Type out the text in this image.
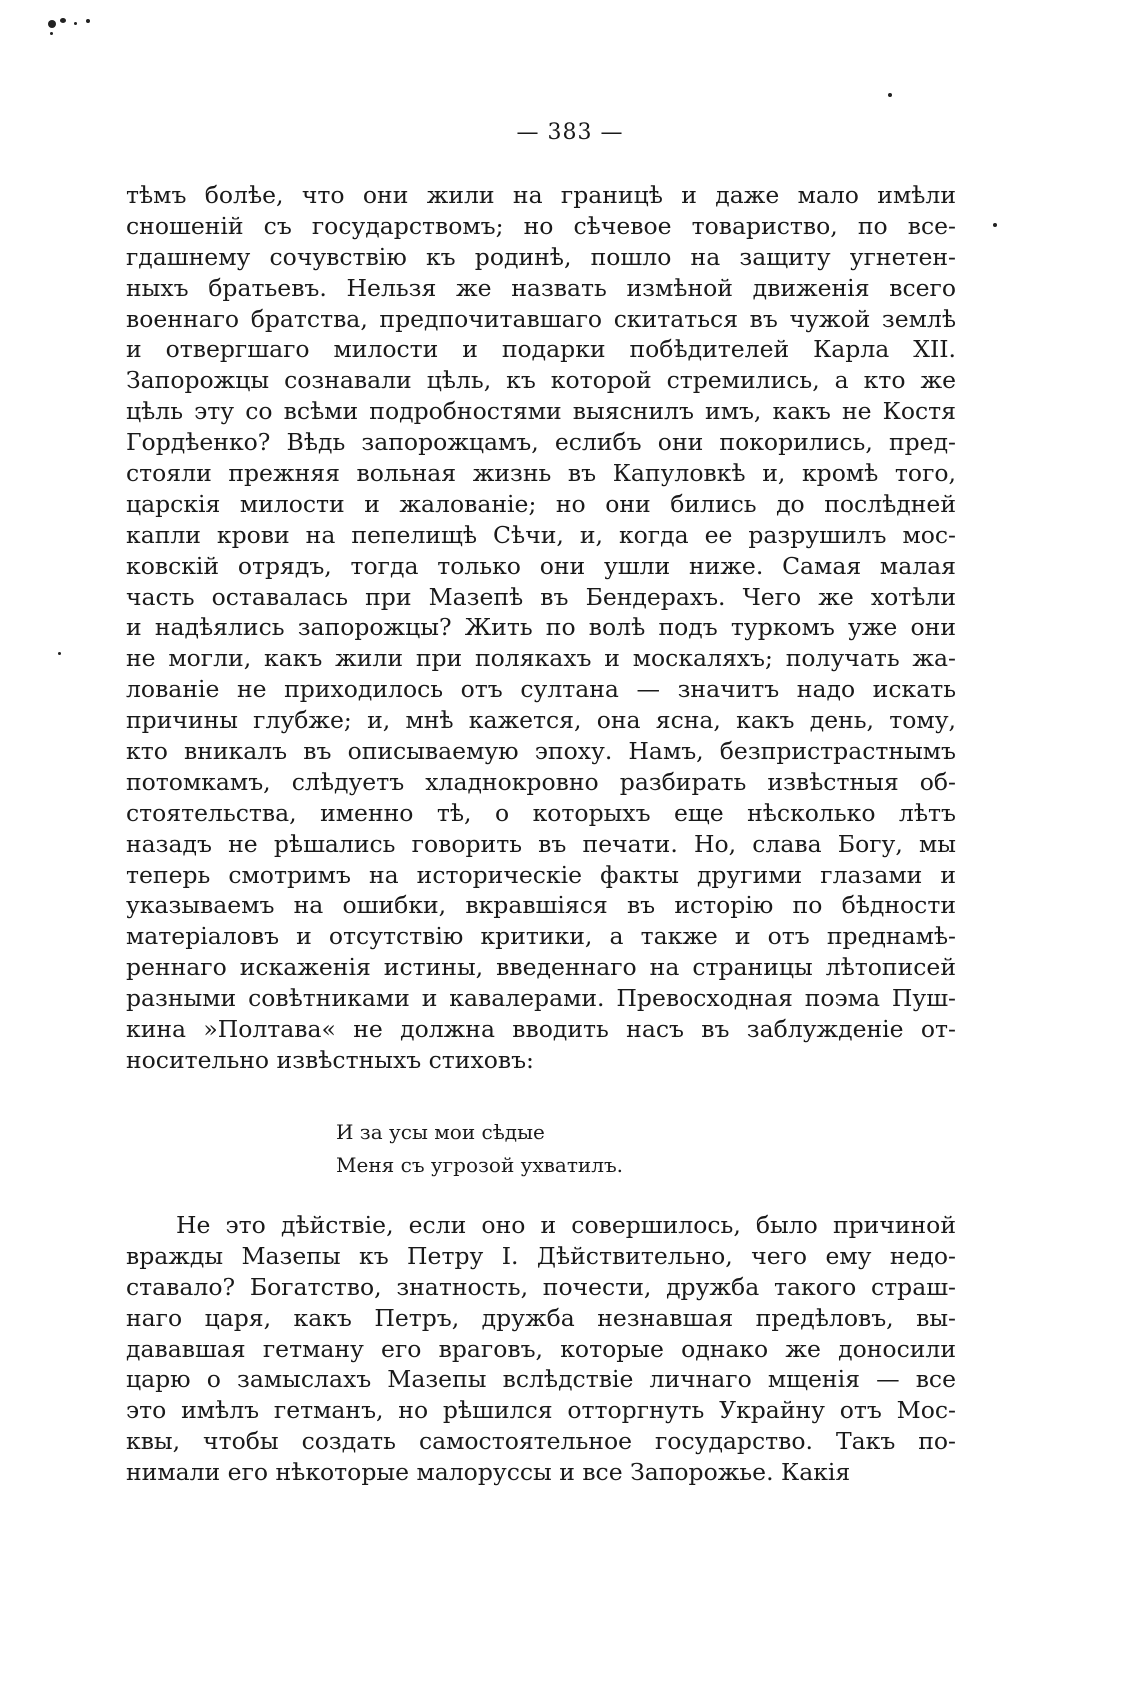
— 383 —
тѣмъ болѣе, что они жили на границѣ и даже мало имѣли
сношеній съ государствомъ; но сѣчевое товариство, по все-
гдашнему сочувствію къ родинѣ, пошло на защиту угнетен-
ныхъ братьевъ. Нельзя же назвать измѣной движенія всего
военнаго братства, предпочитавшаго скитаться въ чужой землѣ
и отвергшаго милости и подарки побѣдителей Карла XII.
Запорожцы сознавали цѣль, къ которой стремились, а кто же
цѣль эту со всѣми подробностями выяснилъ имъ, какъ не Костя
Гордѣенко? Вѣдь запорожцамъ, еслибъ они покорились, пред-
стояли прежняя вольная жизнь въ Капуловкѣ и, кромѣ того,
царскія милости и жалованіе; но они бились до послѣдней
капли крови на пепелищѣ Сѣчи, и, когда ее разрушилъ мос-
ковскій отрядъ, тогда только они ушли ниже. Самая малая
часть оставалась при Мазепѣ въ Бендерахъ. Чего же хотѣли
и надѣялись запорожцы? Жить по волѣ подъ туркомъ уже они
не могли, какъ жили при полякахъ и москаляхъ; получать жа-
лованіе не приходилось отъ султана — значитъ надо искать
причины глубже; и, мнѣ кажется, она ясна, какъ день, тому,
кто вникалъ въ описываемую эпоху. Намъ, безпристрастнымъ
потомкамъ, слѣдуетъ хладнокровно разбирать извѣстныя об-
стоятельства, именно тѣ, о которыхъ еще нѣсколько лѣтъ
назадъ не рѣшались говорить въ печати. Но, слава Богу, мы
теперь смотримъ на историческіе факты другими глазами и
указываемъ на ошибки, вкравшіяся въ исторію по бѣдности
матеріаловъ и отсутствію критики, а также и отъ преднамѣ-
реннаго искаженія истины, введеннаго на страницы лѣтописей
разными совѣтниками и кавалерами. Превосходная поэма Пуш-
кина »Полтава« не должна вводить насъ въ заблужденіе от-
носительно извѣстныхъ стиховъ:
И за усы мои сѣдые
Меня съ угрозой ухватилъ.
Не это дѣйствіе, если оно и совершилось, было причиной
вражды Мазепы къ Петру I. Дѣйствительно, чего ему недо-
ставало? Богатство, знатность, почести, дружба такого страш-
наго царя, какъ Петръ, дружба незнавшая предѣловъ, вы-
дававшая гетману его враговъ, которые однако же доносили
царю о замыслахъ Мазепы вслѣдствіе личнаго мщенія — все
это имѣлъ гетманъ, но рѣшился отторгнуть Украйну отъ Мос-
квы, чтобы создать самостоятельное государство. Такъ по-
нимали его нѣкоторые малоруссы и все Запорожье. Какія
